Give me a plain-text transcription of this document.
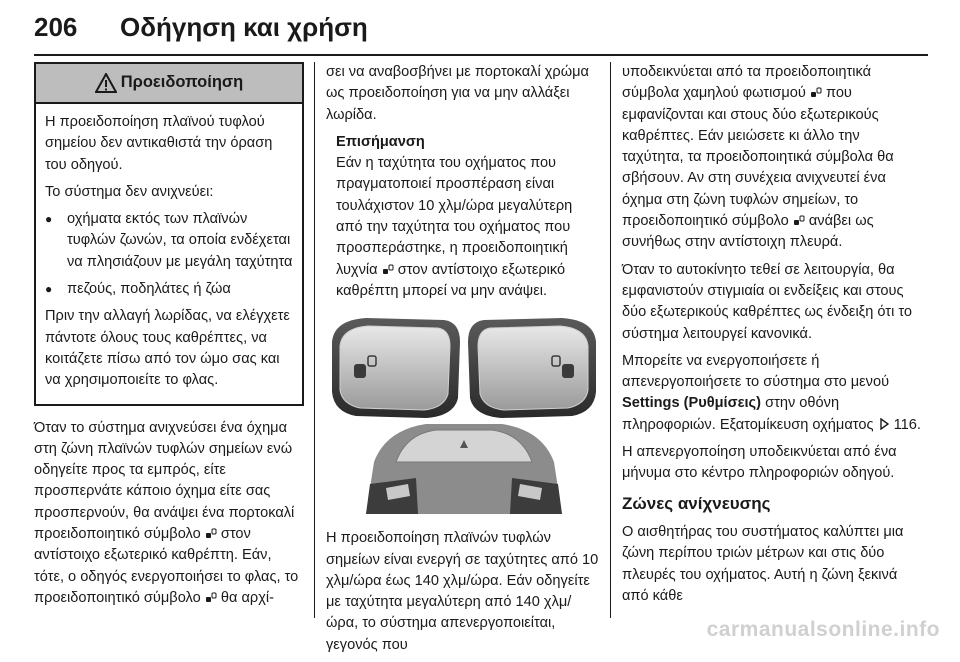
206 Οδήγηση και χρήση
Προειδοποίηση

Η προειδοποίηση πλαϊνού τυφλού σημείου δεν αντικαθιστά την όραση του οδηγού.

Το σύστημα δεν ανιχνεύει:

● οχήματα εκτός των πλαϊνών τυφλών ζωνών, τα οποία ενδέχεται να πλησιάζουν με μεγάλη ταχύτητα
● πεζούς, ποδηλάτες ή ζώα

Πριν την αλλαγή λωρίδας, να ελέγχετε πάντοτε όλους τους καθρέπτες, να κοιτάζετε πίσω από τον ώμο σας και να χρησιμοποιείτε το φλας.

Όταν το σύστημα ανιχνεύσει ένα όχημα στη ζώνη πλαϊνών τυφλών σημείων ενώ οδηγείτε προς τα εμπρός, είτε προσπερνάτε κάποιο όχημα είτε σας προσπερνούν, θα ανάψει ένα πορτοκαλί προειδοποιητικό σύμβολο στον αντίστοιχο εξωτερικό καθρέπτη. Εάν, τότε, ο οδηγός ενεργοποιήσει το φλας, το προειδοποιητικό σύμβολο θα αρχί-

σει να αναβοσβήνει με πορτοκαλί χρώμα ως προειδοποίηση για να μην αλλάξει λωρίδα.

Επισήμανση
Εάν η ταχύτητα του οχήματος που πραγματοποιεί προσπέραση είναι τουλάχιστον 10 χλμ/ώρα μεγαλύτερη από την ταχύτητα του οχήματος που προσπεράστηκε, η προειδοποιητική λυχνία στον αντίστοιχο εξωτερικό καθρέπτη μπορεί να μην ανάψει.

Η προειδοποίηση πλαϊνών τυφλών σημείων είναι ενεργή σε ταχύτητες από 10 χλμ/ώρα έως 140 χλμ/ώρα. Εάν οδηγείτε με ταχύτητα μεγαλύτερη από 140 χλμ/ώρα, το σύστημα απενεργοποιείται, γεγονός που

υποδεικνύεται από τα προειδοποιητικά σύμβολα χαμηλού φωτισμού που εμφανίζονται και στους δύο εξωτερικούς καθρέπτες. Εάν μειώσετε κι άλλο την ταχύτητα, τα προειδοποιητικά σύμβολα θα σβήσουν. Αν στη συνέχεια ανιχνευτεί ένα όχημα στη ζώνη τυφλών σημείων, το προειδοποιητικό σύμβολο ανάβει ως συνήθως στην αντίστοιχη πλευρά.

Όταν το αυτοκίνητο τεθεί σε λειτουργία, θα εμφανιστούν στιγμιαία οι ενδείξεις και στους δύο εξωτερικούς καθρέπτες ως ένδειξη ότι το σύστημα λειτουργεί κανονικά.

Μπορείτε να ενεργοποιήσετε ή απενεργοποιήσετε το σύστημα στο μενού Settings (Ρυθμίσεις) στην οθόνη πληροφοριών. Εξατομίκευση οχήματος 116.

Η απενεργοποίηση υποδεικνύεται από ένα μήνυμα στο κέντρο πληροφοριών οδηγού.

Ζώνες ανίχνευσης

Ο αισθητήρας του συστήματος καλύπτει μια ζώνη περίπου τριών μέτρων και στις δύο πλευρές του οχήματος. Αυτή η ζώνη ξεκινά από κάθε

carmanualsonline.info
